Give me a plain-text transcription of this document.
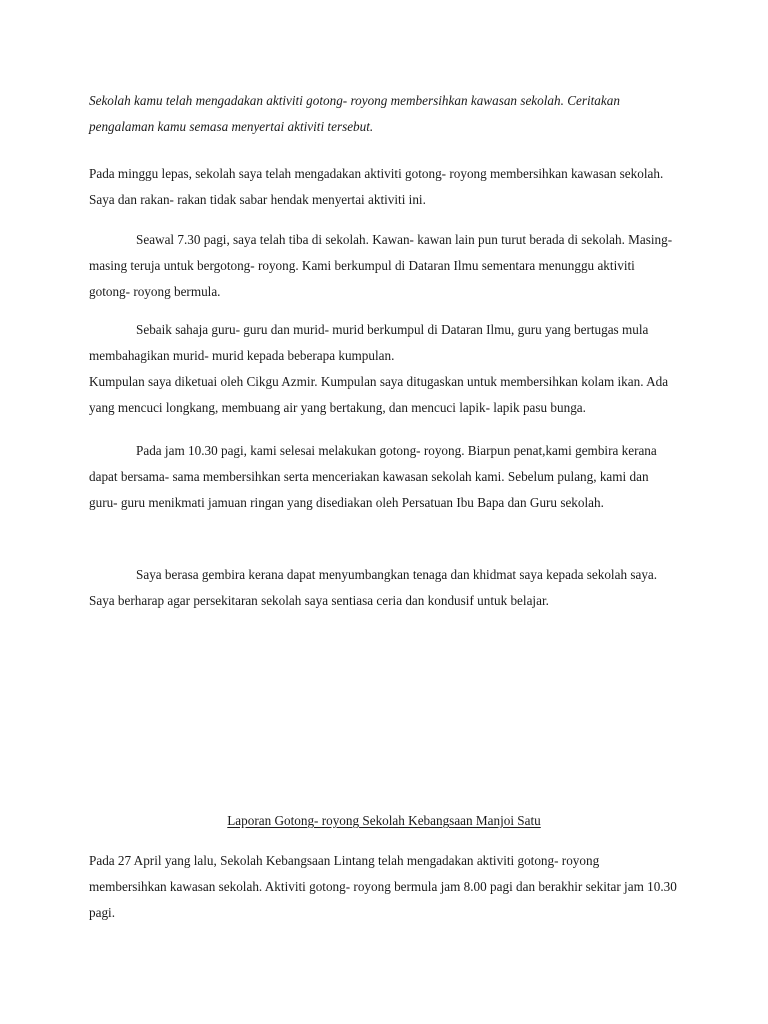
Sekolah kamu telah mengadakan aktiviti gotong- royong membersihkan kawasan sekolah. Ceritakan pengalaman kamu semasa menyertai aktiviti tersebut.

Pada minggu lepas, sekolah saya telah mengadakan aktiviti gotong- royong membersihkan kawasan sekolah. Saya dan rakan- rakan tidak sabar hendak menyertai aktiviti ini.

Seawal 7.30 pagi, saya telah tiba di sekolah. Kawan- kawan lain pun turut berada di sekolah. Masing- masing teruja untuk bergotong- royong. Kami berkumpul di Dataran Ilmu sementara menunggu aktiviti gotong- royong bermula.

Sebaik sahaja guru- guru dan murid- murid berkumpul di Dataran Ilmu, guru yang bertugas mula membahagikan murid- murid kepada beberapa kumpulan.

Kumpulan saya diketuai oleh Cikgu Azmir. Kumpulan saya ditugaskan untuk membersihkan kolam ikan. Ada yang mencuci longkang, membuang air yang bertakung, dan mencuci lapik- lapik pasu bunga.

Pada jam 10.30 pagi, kami selesai melakukan gotong- royong. Biarpun penat,kami gembira kerana dapat bersama- sama membersihkan serta menceriakan kawasan sekolah kami. Sebelum pulang, kami dan guru- guru menikmati jamuan ringan yang disediakan oleh Persatuan Ibu Bapa dan Guru sekolah.

Saya berasa gembira kerana dapat menyumbangkan tenaga dan khidmat saya kepada sekolah saya. Saya berharap agar persekitaran sekolah saya sentiasa ceria dan kondusif untuk belajar.

Laporan Gotong- royong Sekolah Kebangsaan Manjoi Satu

Pada 27 April yang lalu, Sekolah Kebangsaan Lintang telah mengadakan aktiviti gotong- royong membersihkan kawasan sekolah. Aktiviti gotong- royong bermula jam 8.00 pagi dan berakhir sekitar jam 10.30 pagi.
